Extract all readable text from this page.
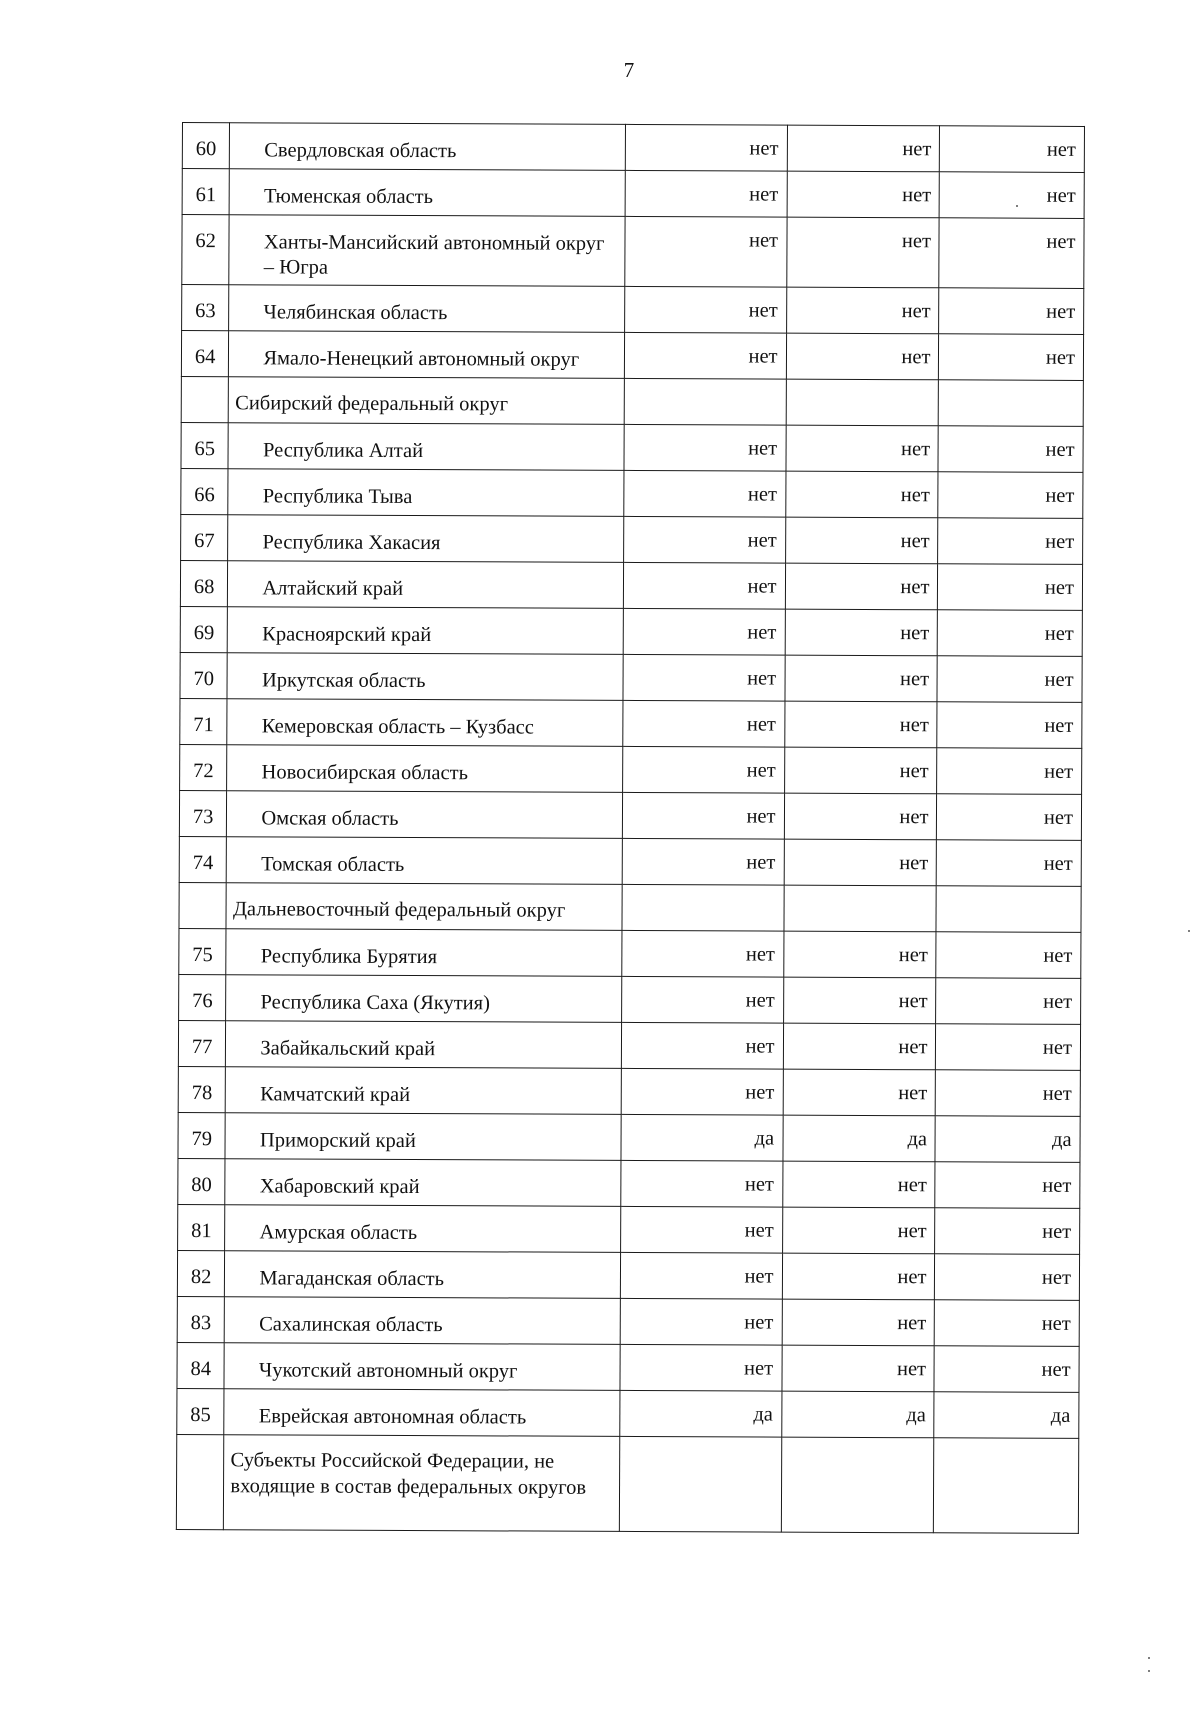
7
60	Свердловская область	нет	нет	нет
61	Тюменская область	нет	нет	нет
62	Ханты-Мансийский автономный округ – Югра	нет	нет	нет
63	Челябинская область	нет	нет	нет
64	Ямало-Ненецкий автономный округ	нет	нет	нет
	Сибирский федеральный округ			
65	Республика Алтай	нет	нет	нет
66	Республика Тыва	нет	нет	нет
67	Республика Хакасия	нет	нет	нет
68	Алтайский край	нет	нет	нет
69	Красноярский край	нет	нет	нет
70	Иркутская область	нет	нет	нет
71	Кемеровская область – Кузбасс	нет	нет	нет
72	Новосибирская область	нет	нет	нет
73	Омская область	нет	нет	нет
74	Томская область	нет	нет	нет
	Дальневосточный федеральный округ			
75	Республика Бурятия	нет	нет	нет
76	Республика Саха (Якутия)	нет	нет	нет
77	Забайкальский край	нет	нет	нет
78	Камчатский край	нет	нет	нет
79	Приморский край	да	да	да
80	Хабаровский край	нет	нет	нет
81	Амурская область	нет	нет	нет
82	Магаданская область	нет	нет	нет
83	Сахалинская область	нет	нет	нет
84	Чукотский автономный округ	нет	нет	нет
85	Еврейская автономная область	да	да	да
	Субъекты Российской Федерации, не входящие в состав федеральных округов			
